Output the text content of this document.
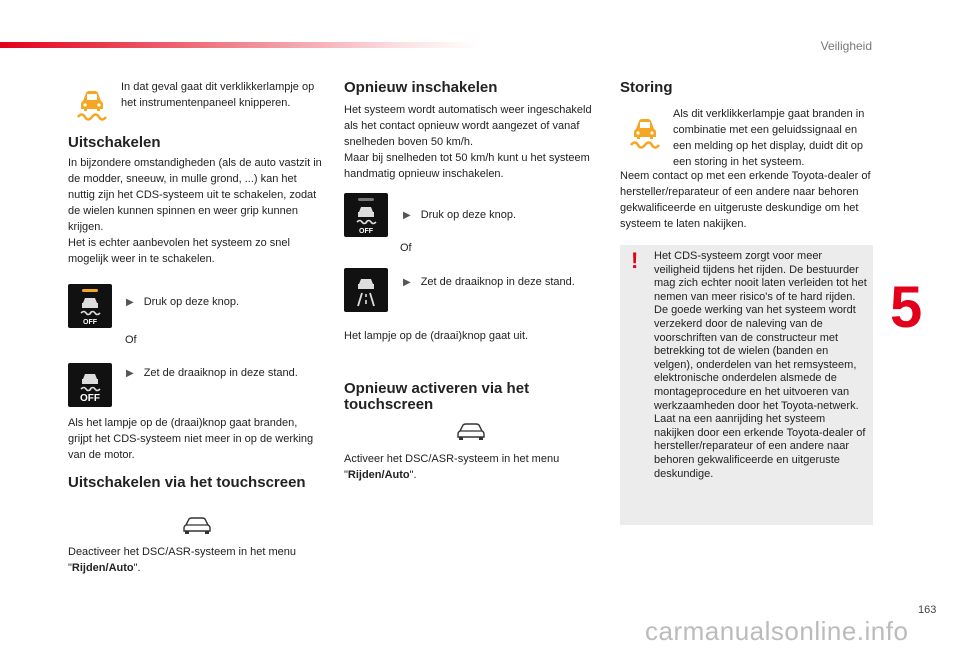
Veiligheid
5
163
carmanualsonline.info
In dat geval gaat dit verklikkerlampje op het instrumentenpaneel knipperen.
Uitschakelen
In bijzondere omstandigheden (als de auto vastzit in de modder, sneeuw, in mulle grond, ...) kan het nuttig zijn het CDS-systeem uit te schakelen, zodat de wielen kunnen spinnen en weer grip kunnen krijgen.
Het is echter aanbevolen het systeem zo snel mogelijk weer in te schakelen.
OFF
▶ Druk op deze knop.
Of
OFF
▶ Zet de draaiknop in deze stand.
Als het lampje op de (draai)knop gaat branden, grijpt het CDS-systeem niet meer in op de werking van de motor.
Uitschakelen via het touchscreen
Deactiveer het DSC/ASR-systeem in het menu "Rijden/Auto".
Opnieuw inschakelen
Het systeem wordt automatisch weer ingeschakeld als het contact opnieuw wordt aangezet of vanaf snelheden boven 50 km/h.
Maar bij snelheden tot 50 km/h kunt u het systeem handmatig opnieuw inschakelen.
OFF
▶ Druk op deze knop.
Of
▶ Zet de draaiknop in deze stand.
Het lampje op de (draai)knop gaat uit.
Opnieuw activeren via het touchscreen
Activeer het DSC/ASR-systeem in het menu "Rijden/Auto".
Storing
Als dit verklikkerlampje gaat branden in combinatie met een geluidssignaal en een melding op het display, duidt dit op een storing in het systeem.
Neem contact op met een erkende Toyota-dealer of hersteller/reparateur of een andere naar behoren gekwalificeerde en uitgeruste deskundige om het systeem te laten nakijken.
! Het CDS-systeem zorgt voor meer veiligheid tijdens het rijden. De bestuurder mag zich echter nooit laten verleiden tot het nemen van meer risico's of te hard rijden.
De goede werking van het systeem wordt verzekerd door de naleving van de voorschriften van de constructeur met betrekking tot de wielen (banden en velgen), onderdelen van het remsysteem, elektronische onderdelen alsmede de montageprocedure en het uitvoeren van werkzaamheden door het Toyota-netwerk.
Laat na een aanrijding het systeem nakijken door een erkende Toyota-dealer of hersteller/reparateur of een andere naar behoren gekwalificeerde en uitgeruste deskundige.
